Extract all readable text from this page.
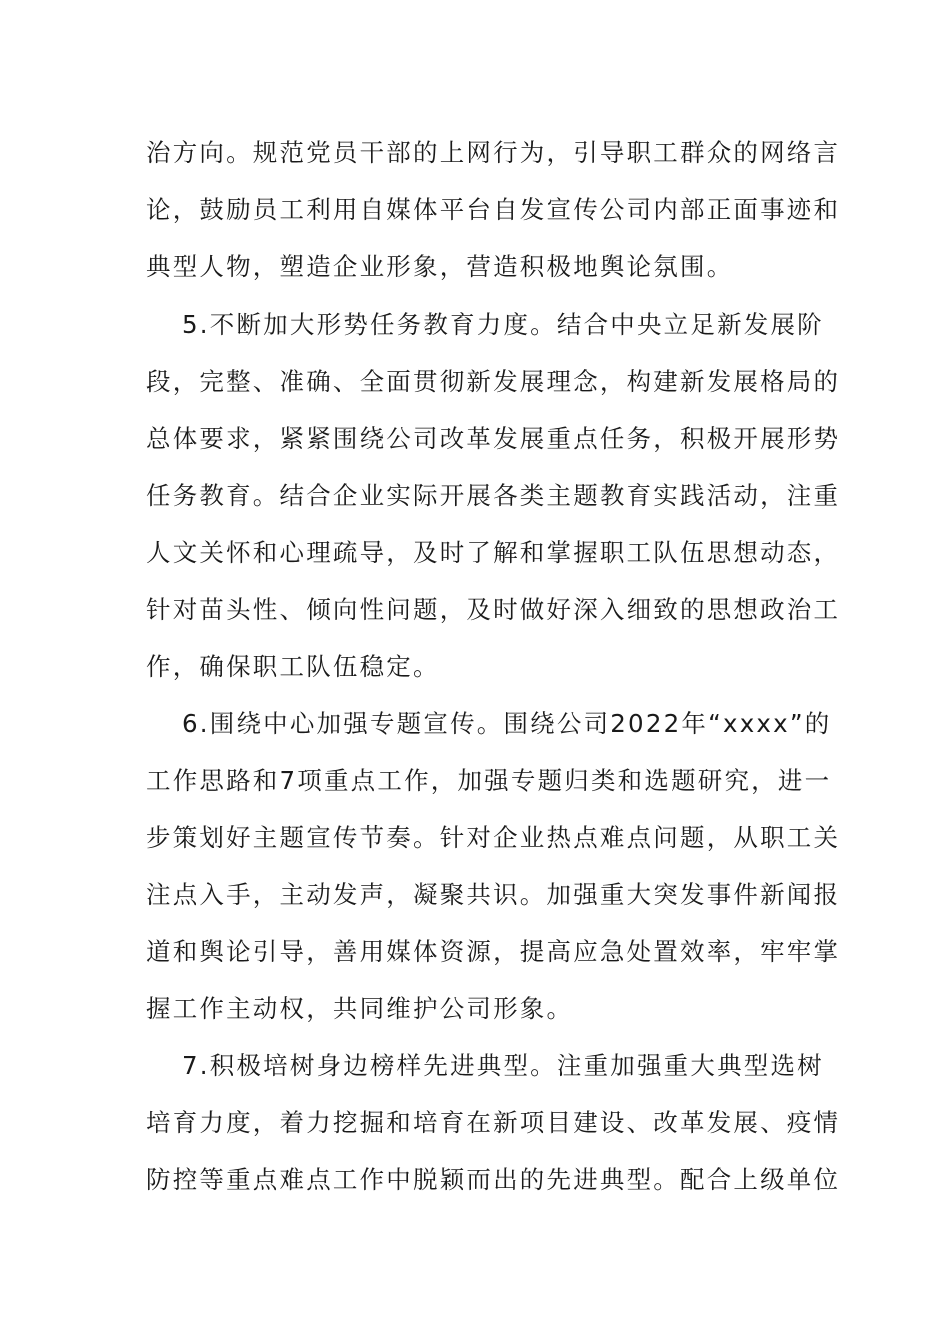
治方向。规范党员干部的上网行为，引导职工群众的网络言
论，鼓励员工利用自媒体平台自发宣传公司内部正面事迹和
典型人物，塑造企业形象，营造积极地舆论氛围。
5.不断加大形势任务教育力度。结合中央立足新发展阶
段，完整、准确、全面贯彻新发展理念，构建新发展格局的
总体要求，紧紧围绕公司改革发展重点任务，积极开展形势
任务教育。结合企业实际开展各类主题教育实践活动，注重
人文关怀和心理疏导，及时了解和掌握职工队伍思想动态，
针对苗头性、倾向性问题，及时做好深入细致的思想政治工
作，确保职工队伍稳定。
6.围绕中心加强专题宣传。围绕公司2022年“xxxx”的
工作思路和7项重点工作，加强专题归类和选题研究，进一
步策划好主题宣传节奏。针对企业热点难点问题，从职工关
注点入手，主动发声，凝聚共识。加强重大突发事件新闻报
道和舆论引导，善用媒体资源，提高应急处置效率，牢牢掌
握工作主动权，共同维护公司形象。
7.积极培树身边榜样先进典型。注重加强重大典型选树
培育力度，着力挖掘和培育在新项目建设、改革发展、疫情
防控等重点难点工作中脱颖而出的先进典型。配合上级单位
